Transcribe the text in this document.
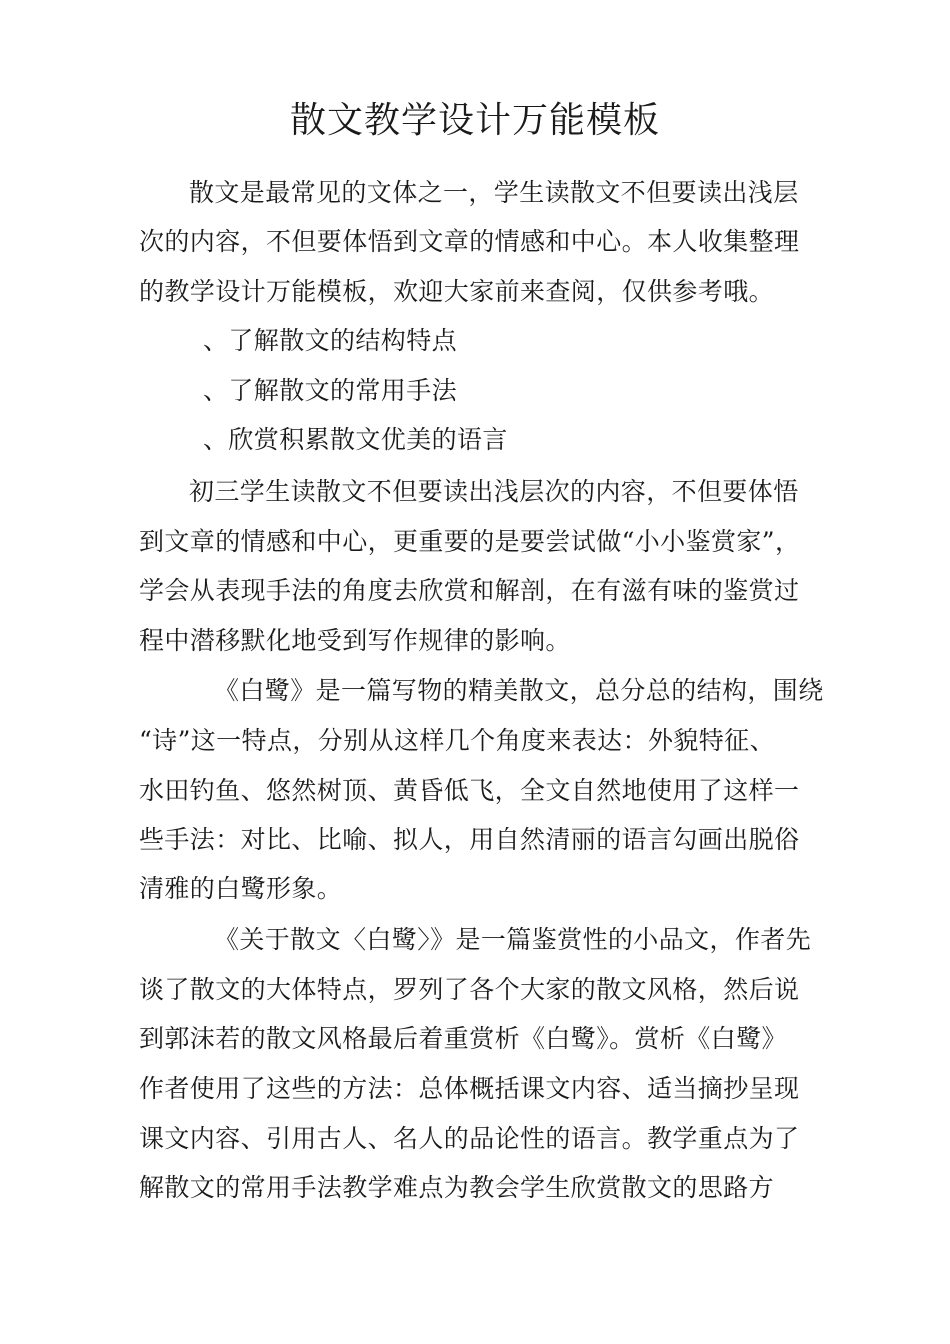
散文教学设计万能模板
散文是最常见的文体之一，学生读散文不但要读出浅层
次的内容，不但要体悟到文章的情感和中心。本人收集整理
的教学设计万能模板，欢迎大家前来查阅，仅供参考哦。
、了解散文的结构特点
、了解散文的常用手法
、欣赏积累散文优美的语言
初三学生读散文不但要读出浅层次的内容，不但要体悟
到文章的情感和中心，更重要的是要尝试做“小小鉴赏家”，
学会从表现手法的角度去欣赏和解剖，在有滋有味的鉴赏过
程中潜移默化地受到写作规律的影响。
《白鹭》是一篇写物的精美散文，总分总的结构，围绕
“诗”这一特点，分别从这样几个角度来表达：外貌特征、
水田钓鱼、悠然树顶、黄昏低飞，全文自然地使用了这样一
些手法：对比、比喻、拟人，用自然清丽的语言勾画出脱俗
清雅的白鹭形象。
《关于散文〈白鹭〉》是一篇鉴赏性的小品文，作者先
谈了散文的大体特点，罗列了各个大家的散文风格，然后说
到郭沫若的散文风格最后着重赏析《白鹭》。赏析《白鹭》
作者使用了这些的方法：总体概括课文内容、适当摘抄呈现
课文内容、引用古人、名人的品论性的语言。教学重点为了
解散文的常用手法教学难点为教会学生欣赏散文的思路方
